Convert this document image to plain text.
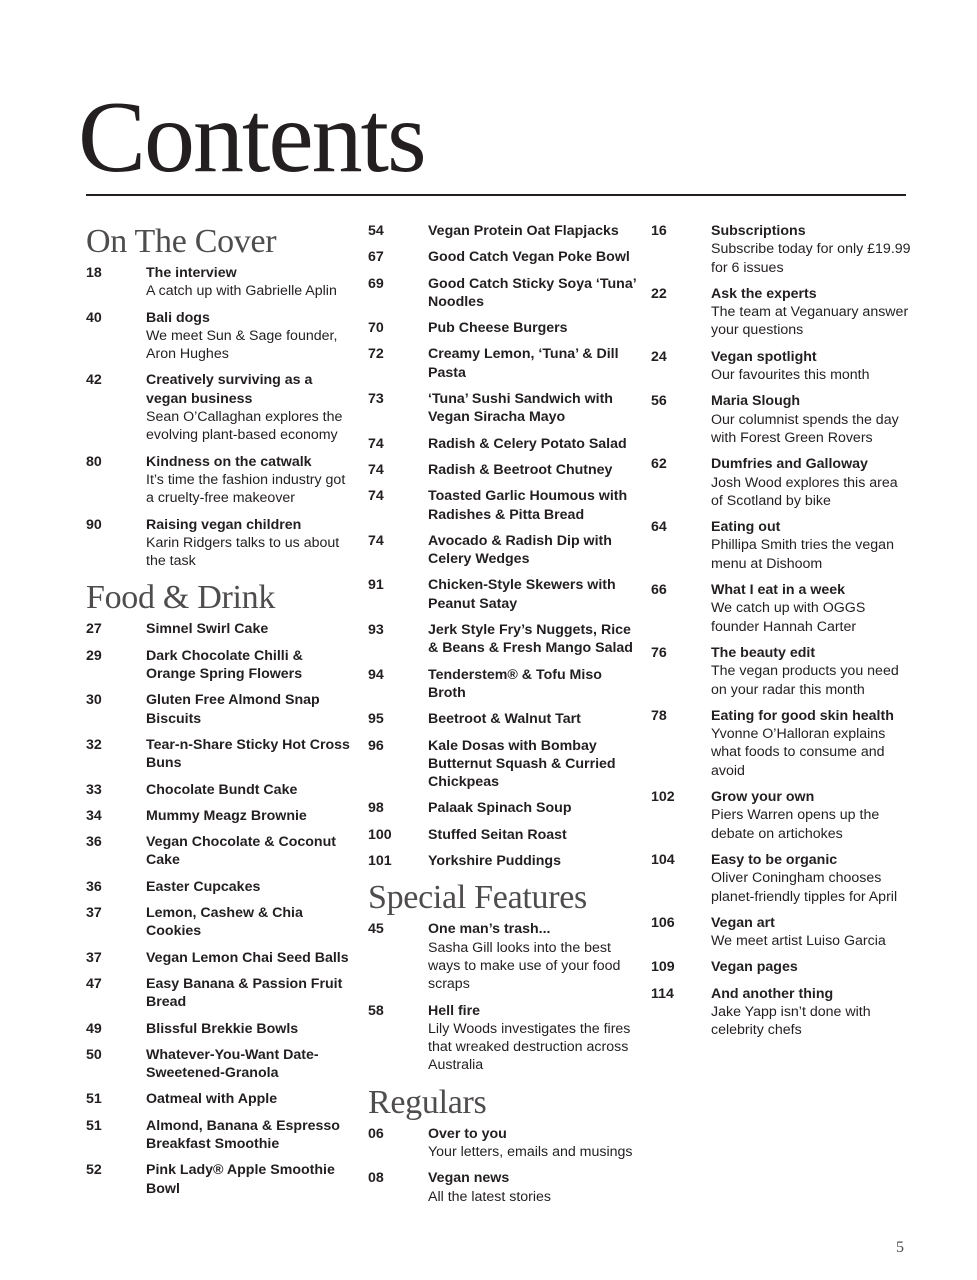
Contents
On The Cover
18	The interview
A catch up with Gabrielle Aplin
40	Bali dogs
We meet Sun & Sage founder, Aron Hughes
42	Creatively surviving as a vegan business
Sean O’Callaghan explores the evolving plant-based economy
80	Kindness on the catwalk
It’s time the fashion industry got a cruelty-free makeover
90	Raising vegan children
Karin Ridgers talks to us about the task
Food & Drink
27	Simnel Swirl Cake
29	Dark Chocolate Chilli & Orange Spring Flowers
30	Gluten Free Almond Snap Biscuits
32	Tear-n-Share Sticky Hot Cross Buns
33	Chocolate Bundt Cake
34	Mummy Meagz Brownie
36	Vegan Chocolate & Coconut Cake
36	Easter Cupcakes
37	Lemon, Cashew & Chia Cookies
37	Vegan Lemon Chai Seed Balls
47	Easy Banana & Passion Fruit Bread
49	Blissful Brekkie Bowls
50	Whatever-You-Want Date-Sweetened-Granola
51	Oatmeal with Apple
51	Almond, Banana & Espresso Breakfast Smoothie
52	Pink Lady® Apple Smoothie Bowl
54	Vegan Protein Oat Flapjacks
67	Good Catch Vegan Poke Bowl
69	Good Catch Sticky Soya ‘Tuna’ Noodles
70	Pub Cheese Burgers
72	Creamy Lemon, ‘Tuna’ & Dill Pasta
73	‘Tuna’ Sushi Sandwich with Vegan Siracha Mayo
74	Radish & Celery Potato Salad
74	Radish & Beetroot Chutney
74	Toasted Garlic Houmous with Radishes & Pitta Bread
74	Avocado & Radish Dip with Celery Wedges
91	Chicken-Style Skewers with Peanut Satay
93	Jerk Style Fry’s Nuggets, Rice & Beans & Fresh Mango Salad
94	Tenderstem® & Tofu Miso Broth
95	Beetroot & Walnut Tart
96	Kale Dosas with Bombay Butternut Squash & Curried Chickpeas
98	Palaak Spinach Soup
100	Stuffed Seitan Roast
101	Yorkshire Puddings
Special Features
45	One man’s trash...
Sasha Gill looks into the best ways to make use of your food scraps
58	Hell fire
Lily Woods investigates the fires that wreaked destruction across Australia
Regulars
06	Over to you
Your letters, emails and musings
08	Vegan news
All the latest stories
16	Subscriptions
Subscribe today for only £19.99 for 6 issues
22	Ask the experts
The team at Veganuary answer your questions
24	Vegan spotlight
Our favourites this month
56	Maria Slough
Our columnist spends the day with Forest Green Rovers
62	Dumfries and Galloway
Josh Wood explores this area of Scotland by bike
64	Eating out
Phillipa Smith tries the vegan menu at Dishoom
66	What I eat in a week
We catch up with OGGS founder Hannah Carter
76	The beauty edit
The vegan products you need on your radar this month
78	Eating for good skin health
Yvonne O’Halloran explains what foods to consume and avoid
102	Grow your own
Piers Warren opens up the debate on artichokes
104	Easy to be organic
Oliver Coningham chooses planet-friendly tipples for April
106	Vegan art
We meet artist Luiso Garcia
109	Vegan pages
114	And another thing
Jake Yapp isn’t done with celebrity chefs
5
